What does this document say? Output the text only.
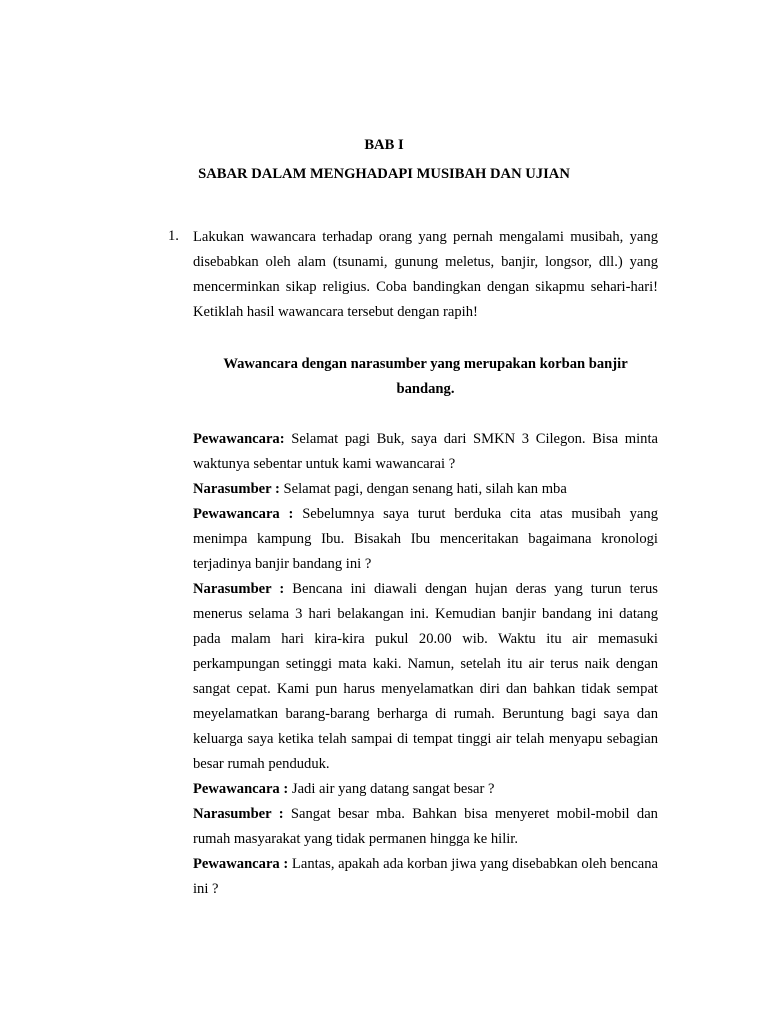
BAB I
SABAR DALAM MENGHADAPI MUSIBAH DAN UJIAN
1. Lakukan wawancara terhadap orang yang pernah mengalami musibah, yang disebabkan oleh alam (tsunami, gunung meletus, banjir, longsor, dll.) yang mencerminkan sikap religius. Coba bandingkan dengan sikapmu sehari-hari! Ketiklah hasil wawancara tersebut dengan rapih!
Wawancara dengan narasumber yang merupakan korban banjir bandang.

Pewawancara: Selamat pagi Buk, saya dari SMKN 3 Cilegon. Bisa minta waktunya sebentar untuk kami wawancarai ?

Narasumber : Selamat pagi, dengan senang hati, silah kan mba

Pewawancara : Sebelumnya saya turut berduka cita atas musibah yang menimpa kampung Ibu. Bisakah Ibu menceritakan bagaimana kronologi terjadinya banjir bandang ini ?

Narasumber : Bencana ini diawali dengan hujan deras yang turun terus menerus selama 3 hari belakangan ini. Kemudian banjir bandang ini datang pada malam hari kira-kira pukul 20.00 wib. Waktu itu air memasuki perkampungan setinggi mata kaki. Namun, setelah itu air terus naik dengan sangat cepat. Kami pun harus menyelamatkan diri dan bahkan tidak sempat meyelamatkan barang-barang berharga di rumah. Beruntung bagi saya dan keluarga saya ketika telah sampai di tempat tinggi air telah menyapu sebagian besar rumah penduduk.

Pewawancara : Jadi air yang datang sangat besar ?

Narasumber : Sangat besar mba. Bahkan bisa menyeret mobil-mobil dan rumah masyarakat yang tidak permanen hingga ke hilir.

Pewawancara : Lantas, apakah ada korban jiwa yang disebabkan oleh bencana ini ?
